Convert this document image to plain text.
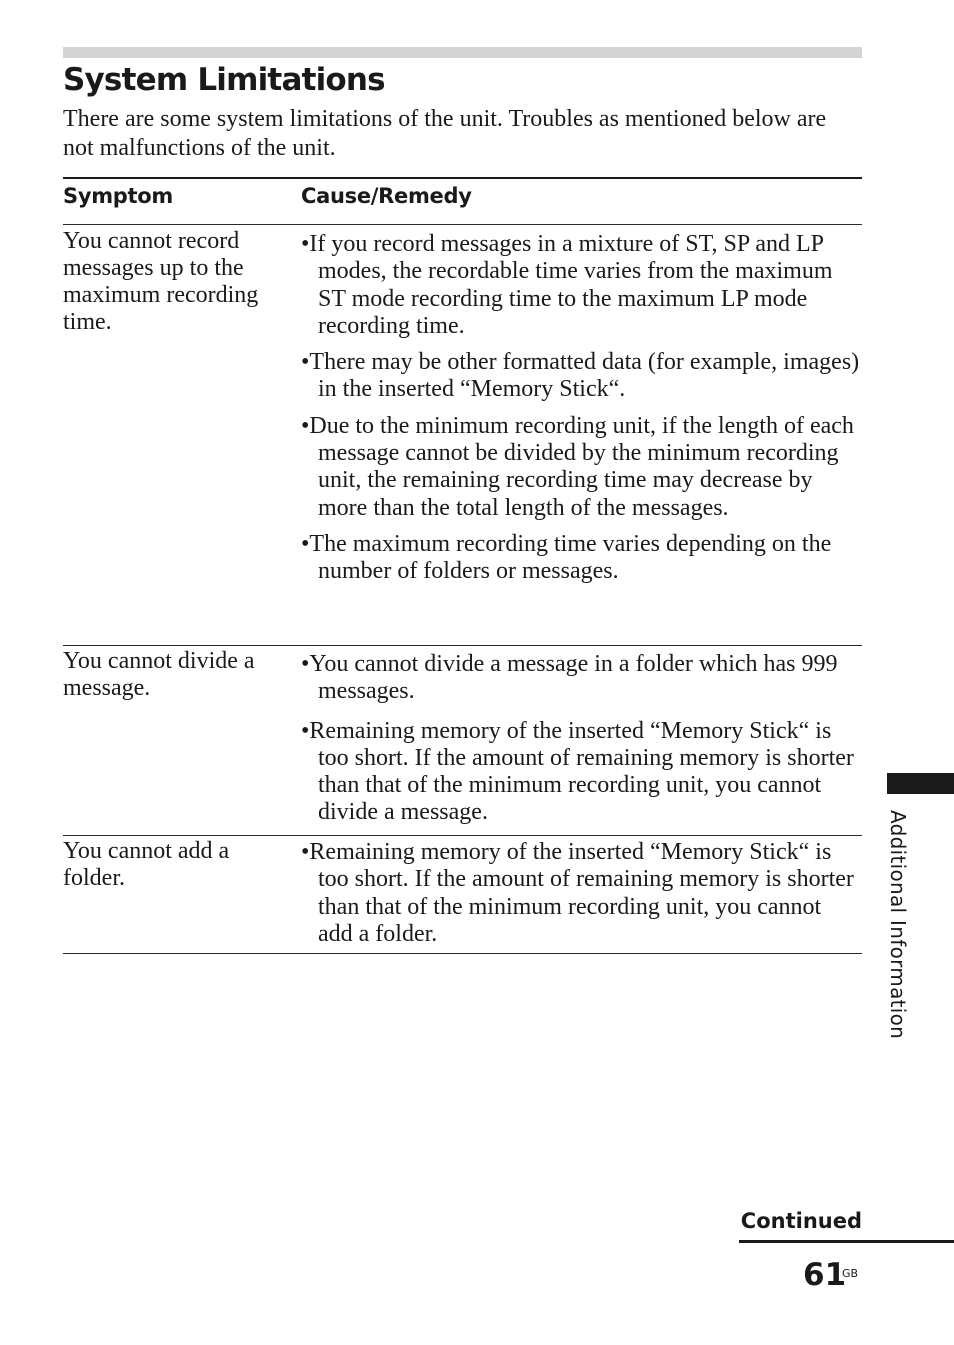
System Limitations

There are some system limitations of the unit. Troubles as mentioned below are not malfunctions of the unit.

Symptom	Cause/Remedy

You cannot record messages up to the maximum recording time.

•If you record messages in a mixture of ST, SP and LP modes, the recordable time varies from the maximum ST mode recording time to the maximum LP mode recording time.
•There may be other formatted data (for example, images) in the inserted “Memory Stick“.
•Due to the minimum recording unit, if the length of each message cannot be divided by the minimum recording unit, the remaining recording time may decrease by more than the total length of the messages.
•The maximum recording time varies depending on the number of folders or messages.

You cannot divide a message.

•You cannot divide a message in a folder which has 999 messages.
•Remaining memory of the inserted “Memory Stick“ is too short. If the amount of remaining memory is shorter than that of the minimum recording unit, you cannot divide a message.

You cannot add a folder.

•Remaining memory of the inserted “Memory Stick“ is too short. If the amount of remaining memory is shorter than that of the minimum recording unit, you cannot add a folder.	Additional Information
Continued
61
GB
